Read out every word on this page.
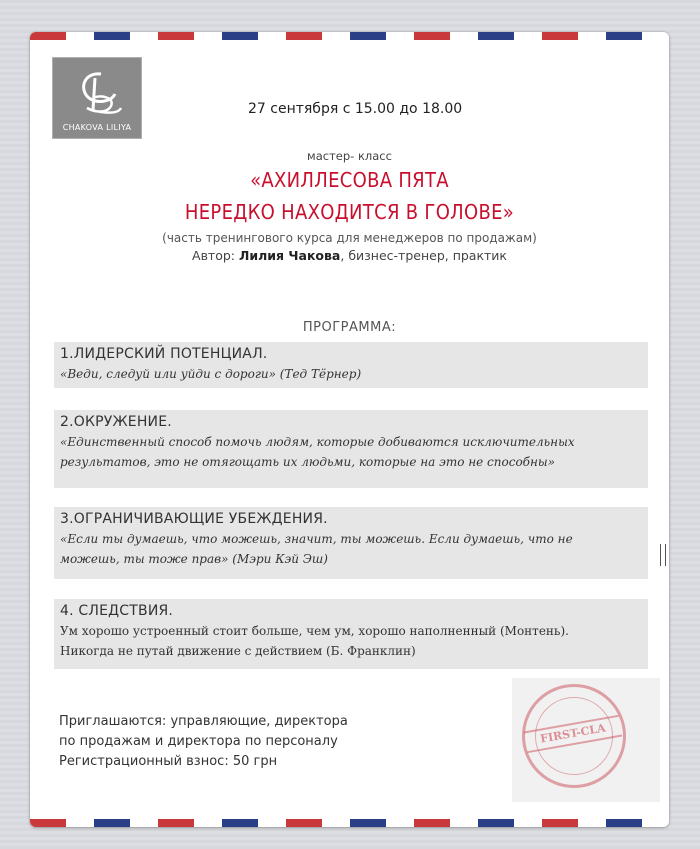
CHAKOVA LILIYA
27 сентября с 15.00 до 18.00
мастер- класс
«АХИЛЛЕСОВА ПЯТА
НЕРЕДКО НАХОДИТСЯ В ГОЛОВЕ»
(часть тренингового курса для менеджеров по продажам)
Автор: Лилия Чакова, бизнес-тренер, практик
ПРОГРАММА:
1.ЛИДЕРСКИЙ ПОТЕНЦИАЛ.
«Веди, следуй или уйди с дороги» (Тед Тёрнер)
2.ОКРУЖЕНИЕ.
«Единственный способ помочь людям, которые добиваются исключительных
результатов, это не отягощать их людьми, которые на это не способны»
3.ОГРАНИЧИВАЮЩИЕ УБЕЖДЕНИЯ.
«Если ты думаешь, что можешь, значит, ты можешь. Если думаешь, что не
можешь, ты тоже прав» (Мэри Кэй Эш)
4. СЛЕДСТВИЯ.
Ум хорошо устроенный стоит больше, чем ум, хорошо наполненный (Монтень).
Никогда не путай движение с действием (Б. Франклин)
FIRST-CLA
Приглашаются: управляющие, директора
по продажам и директора по персоналу
Регистрационный взнос: 50 грн
